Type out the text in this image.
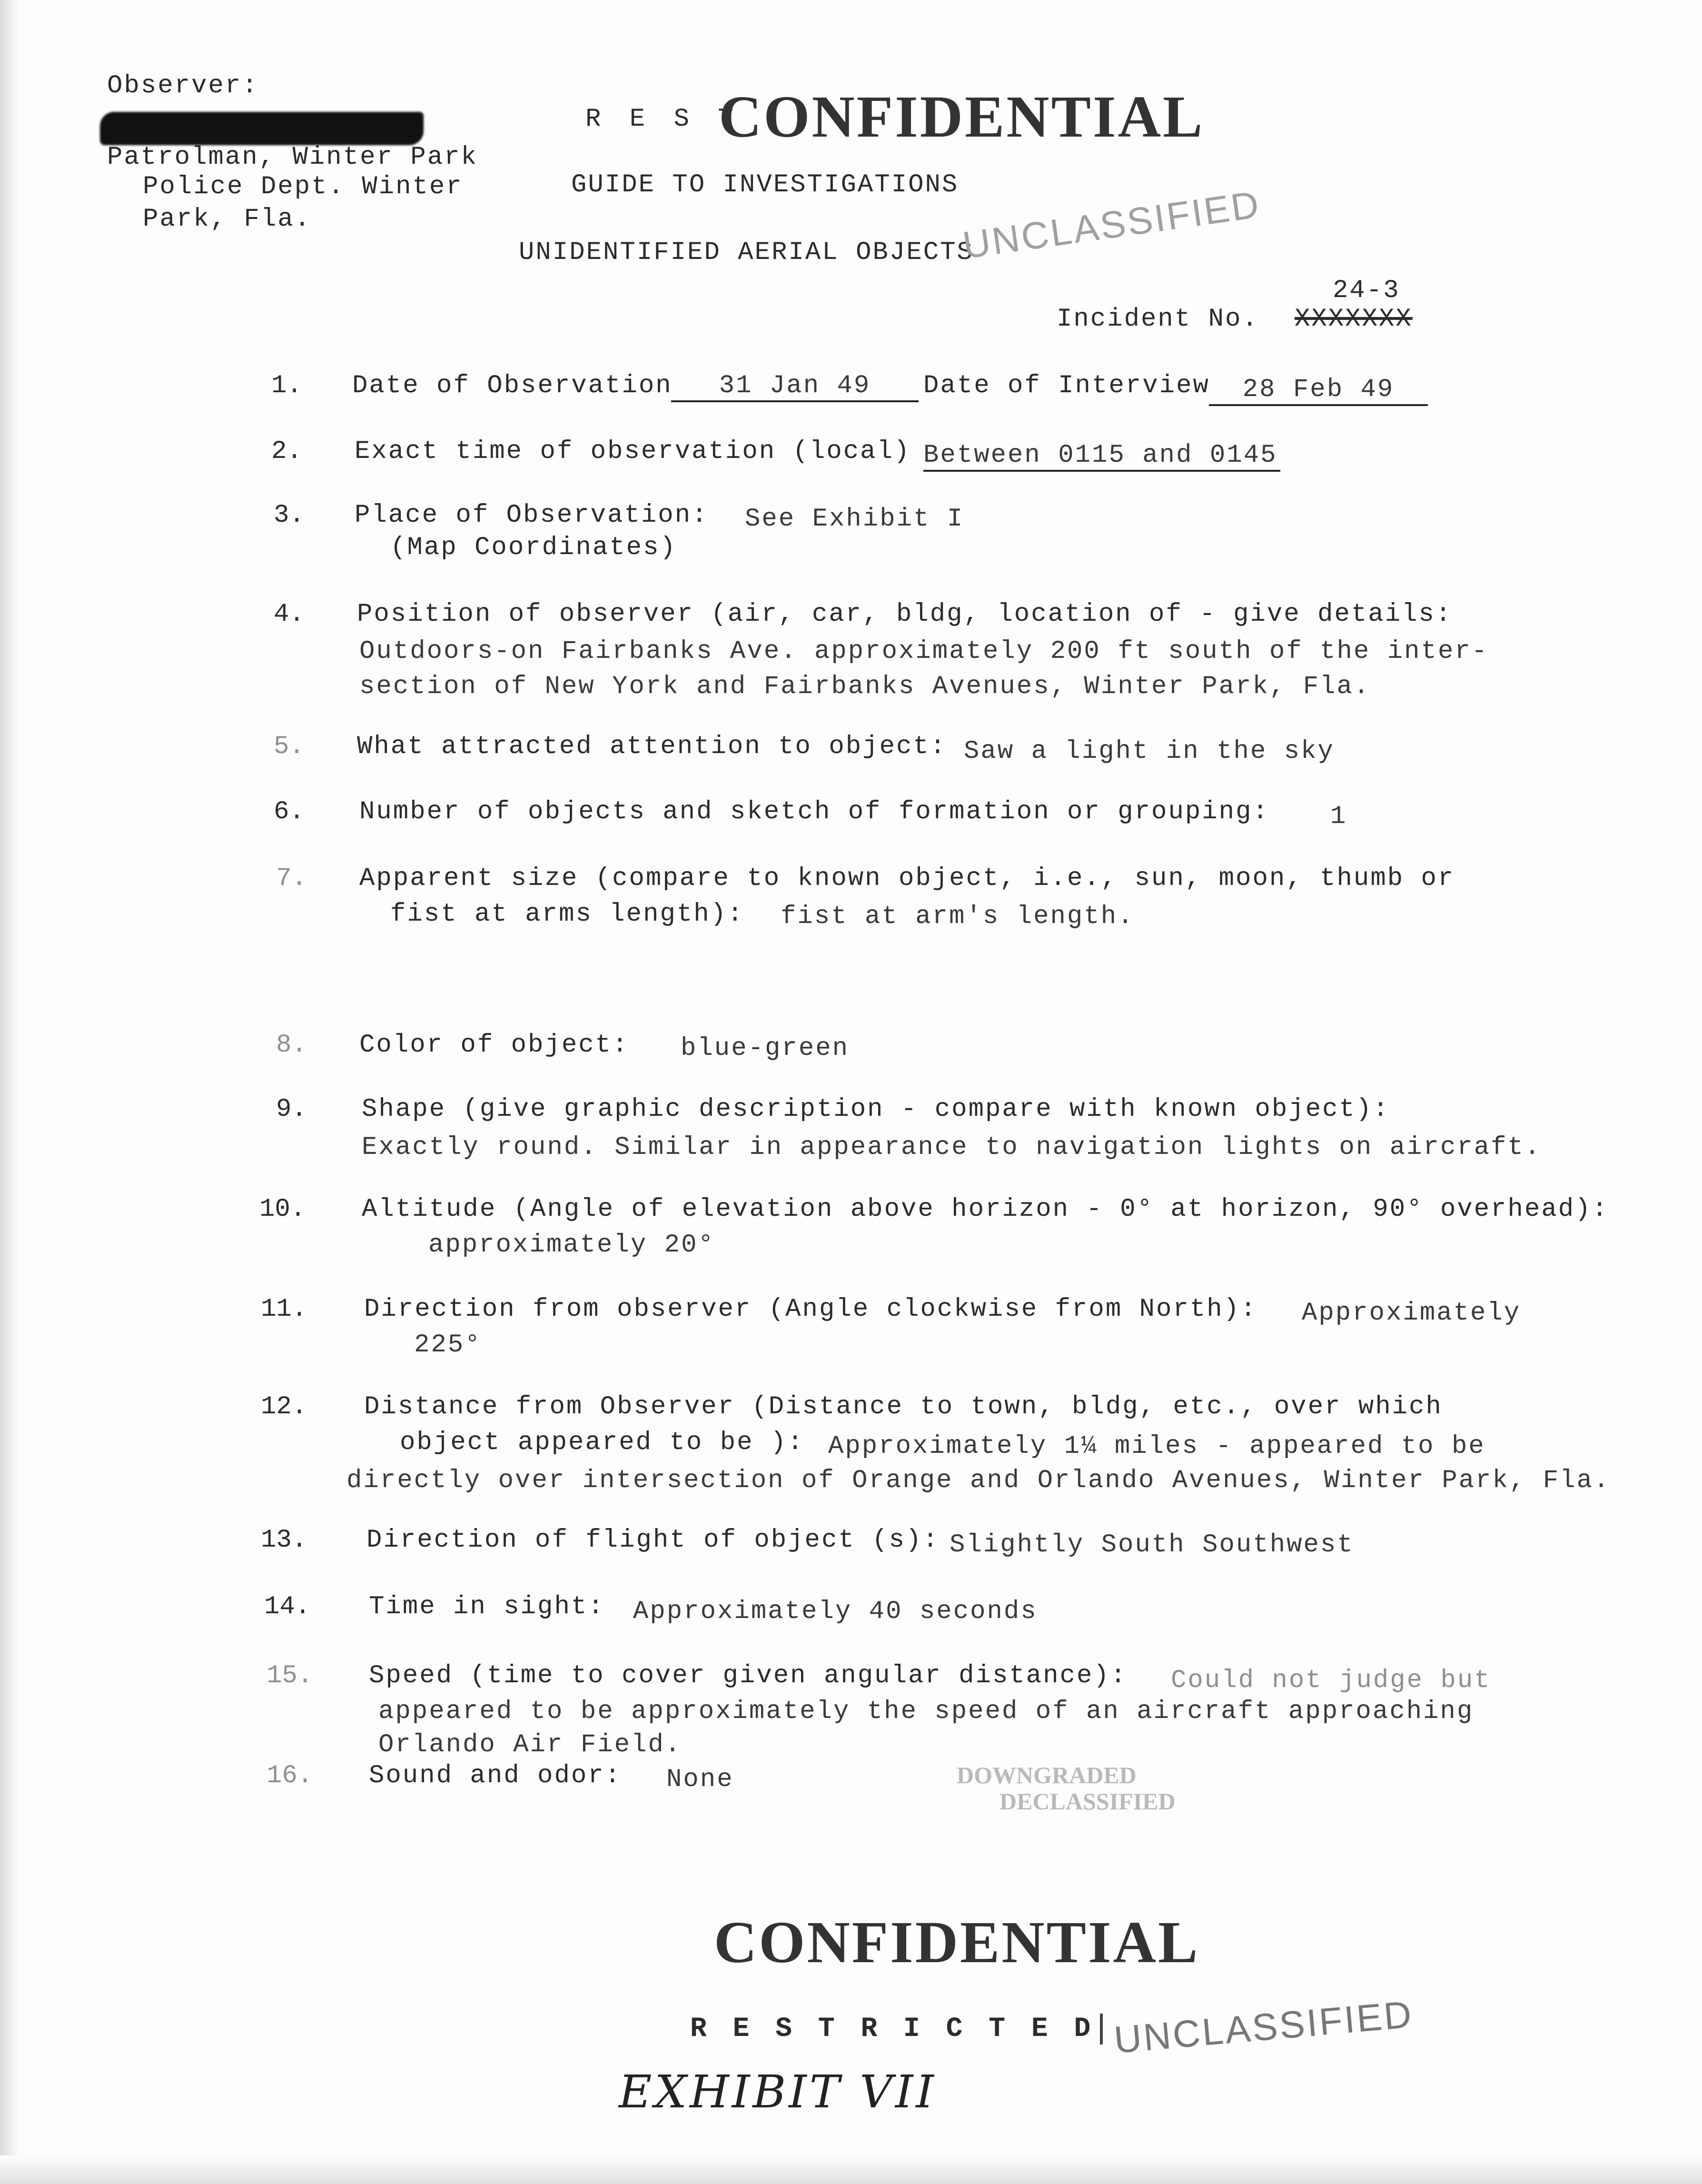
Observer:
Patrolman, Winter Park
Police Dept. Winter
Park, Fla.
R E S T
CONFIDENTIAL
GUIDE TO INVESTIGATIONS
UNIDENTIFIED AERIAL OBJECTS
UNCLASSIFIED
24-3
Incident No. XXXXXXX
1. Date of Observation	31 Jan 49	Date of Interview	28 Feb 49
2. Exact time of observation (local) Between 0115 and 0145
3. Place of Observation: See Exhibit I
(Map Coordinates)
4. Position of observer (air, car, bldg, location of - give details:
Outdoors-on Fairbanks Ave. approximately 200 ft south of the inter-
section of New York and Fairbanks Avenues, Winter Park, Fla.
5. What attracted attention to object: Saw a light in the sky
6. Number of objects and sketch of formation or grouping: 1
7. Apparent size (compare to known object, i.e., sun, moon, thumb or
fist at arms length): fist at arm's length.
8. Color of object: blue-green
9. Shape (give graphic description - compare with known object):
Exactly round. Similar in appearance to navigation lights on aircraft.
10. Altitude (Angle of elevation above horizon - 0° at horizon, 90° overhead):
approximately 20°
11. Direction from observer (Angle clockwise from North): Approximately
225°
12. Distance from Observer (Distance to town, bldg, etc., over which
object appeared to be ): Approximately 1¼ miles - appeared to be
directly over intersection of Orange and Orlando Avenues, Winter Park, Fla.
13. Direction of flight of object (s): Slightly South Southwest
14. Time in sight: Approximately 40 seconds
15. Speed (time to cover given angular distance): Could not judge but
appeared to be approximately the speed of an aircraft approaching
Orlando Air Field.
16. Sound and odor: None	DOWNGRADED
DECLASSIFIED
CONFIDENTIAL
R E S T R I C T E D UNCLASSIFIED
EXHIBIT VII
